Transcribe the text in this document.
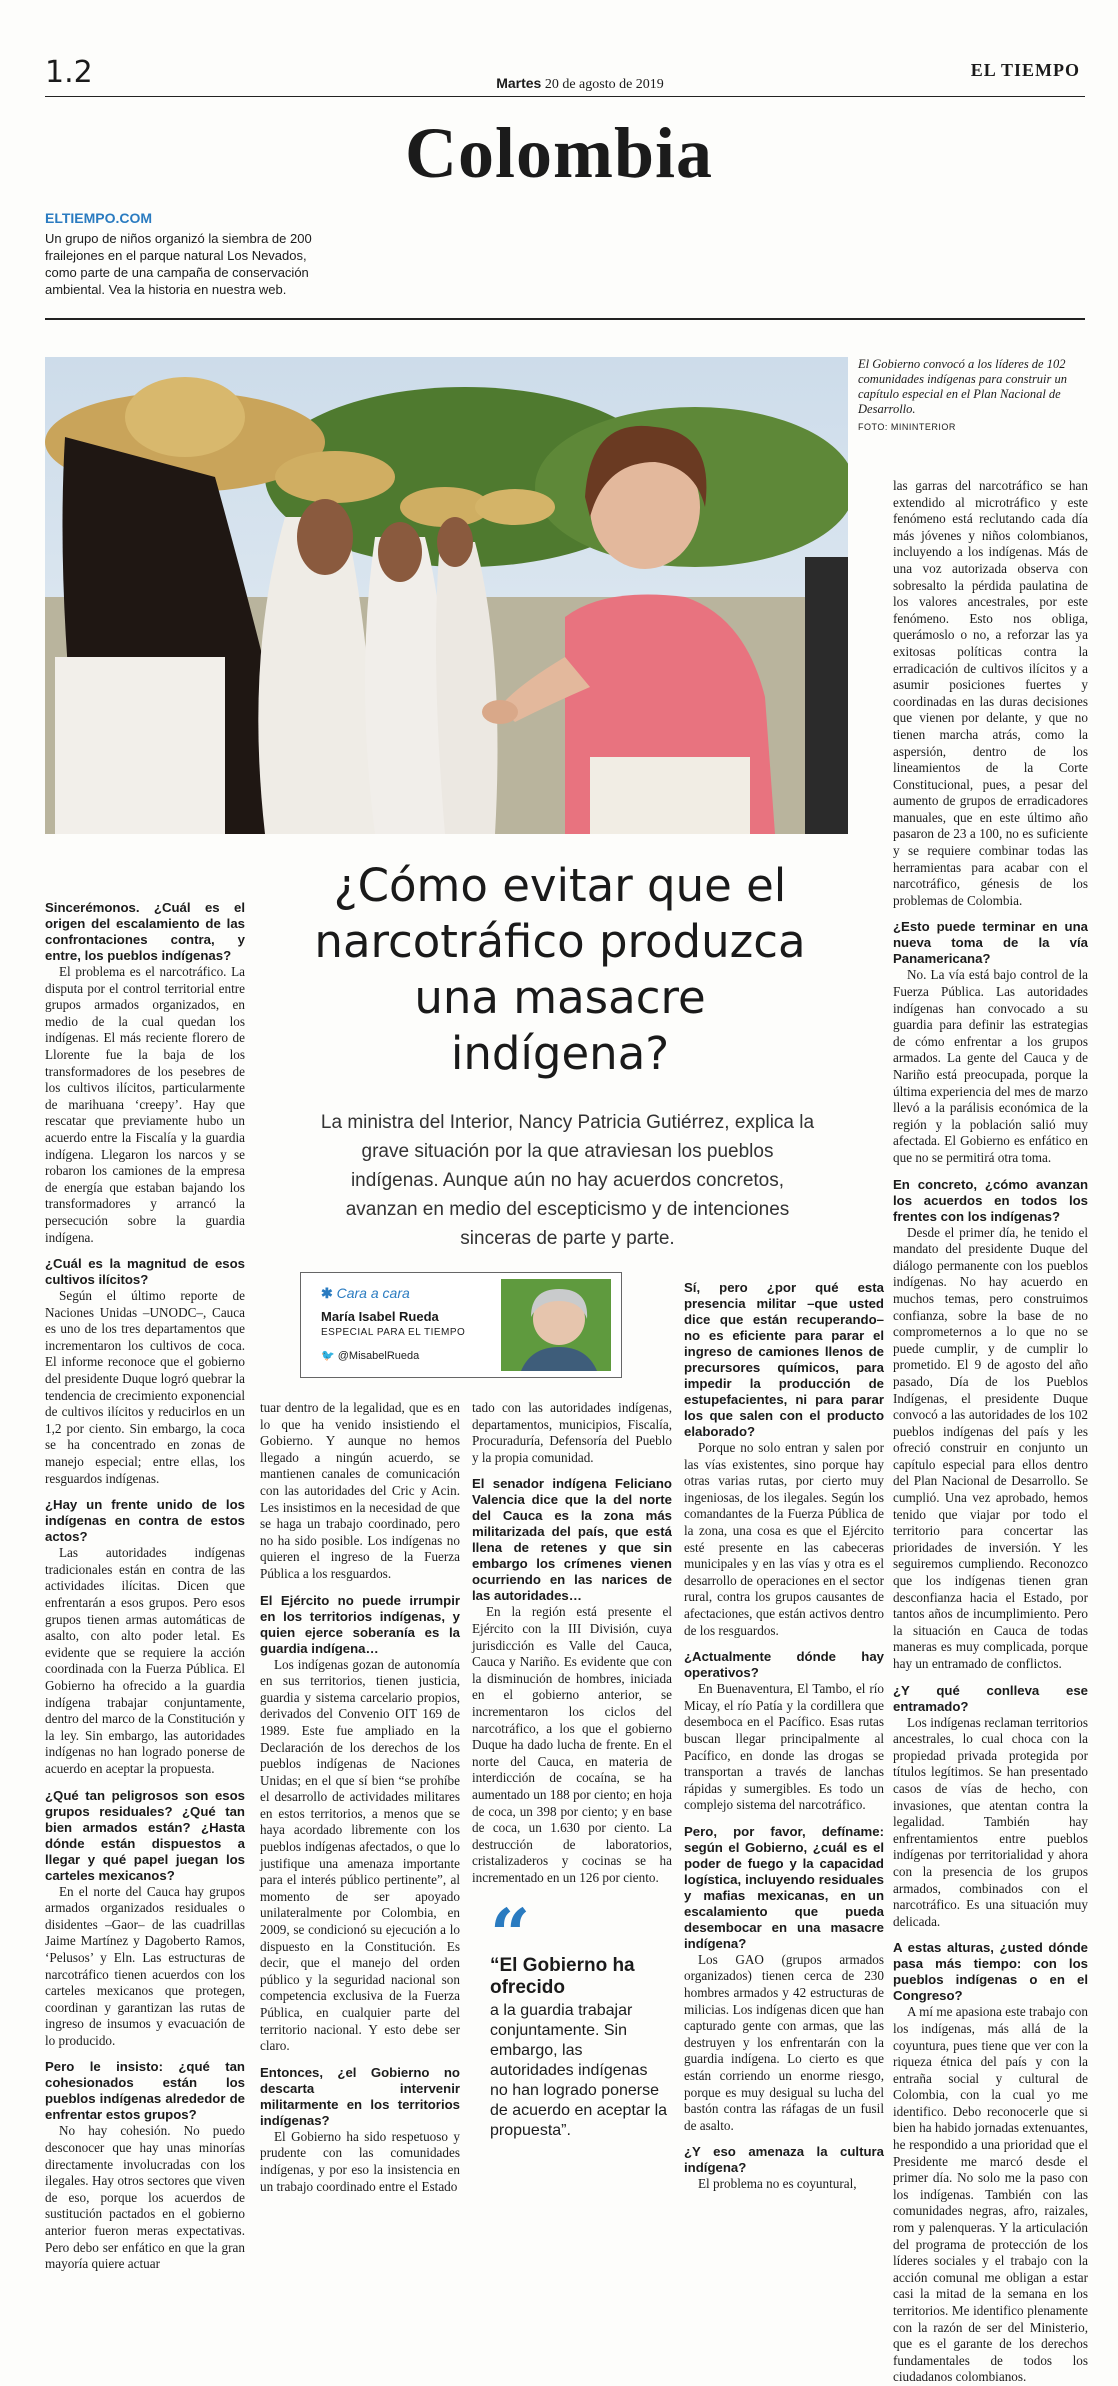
1.2	Martes 20 de agosto de 2019
EL TIEMPO
Colombia
ELTIEMPO.COM
Un grupo de niños organizó la siembra de 200 frailejones en el parque natural Los Nevados, como parte de una campaña de conservación ambiental. Vea la historia en nuestra web.
El Gobierno convocó a los líderes de 102 comunidades indígenas para construir un capítulo especial en el Plan Nacional de Desarrollo.
FOTO: MININTERIOR
¿Cómo evitar que el narcotráfico produzca una masacre indígena?
La ministra del Interior, Nancy Patricia Gutiérrez, explica la grave situación por la que atraviesan los pueblos indígenas. Aunque aún no hay acuerdos concretos, avanzan en medio del escepticismo y de intenciones sinceras de parte y parte.
✱ Cara a cara
María Isabel Rueda
ESPECIAL PARA EL TIEMPO
🐦 @MisabelRueda

Sincerémonos. ¿Cuál es el origen del escalamiento de las confrontaciones contra, y entre, los pueblos indígenas?

El problema es el narcotráfico. La disputa por el control territorial entre grupos armados organizados, en medio de la cual quedan los indígenas. El más reciente florero de Llorente fue la baja de los transformadores de los pesebres de los cultivos ilícitos, particularmente de marihuana ‘creepy’. Hay que rescatar que previamente hubo un acuerdo entre la Fiscalía y la guardia indígena. Llegaron los narcos y se robaron los camiones de la empresa de energía que estaban bajando los transformadores y arrancó la persecución sobre la guardia indígena.

¿Cuál es la magnitud de esos cultivos ilícitos?

Según el último reporte de Naciones Unidas –UNODC–, Cauca es uno de los tres departamentos que incrementaron los cultivos de coca. El informe reconoce que el gobierno del presidente Duque logró quebrar la tendencia de crecimiento exponencial de cultivos ilícitos y reducirlos en un 1,2 por ciento. Sin embargo, la coca se ha concentrado en zonas de manejo especial; entre ellas, los resguardos indígenas.

¿Hay un frente unido de los indígenas en contra de estos actos?

Las autoridades indígenas tradicionales están en contra de las actividades ilícitas. Dicen que enfrentarán a esos grupos. Pero esos grupos tienen armas automáticas de asalto, con alto poder letal. Es evidente que se requiere la acción coordinada con la Fuerza Pública. El Gobierno ha ofrecido a la guardia indígena trabajar conjuntamente, dentro del marco de la Constitución y la ley. Sin embargo, las autoridades indígenas no han logrado ponerse de acuerdo en aceptar la propuesta.

¿Qué tan peligrosos son esos grupos residuales? ¿Qué tan bien armados están? ¿Hasta dónde están dispuestos a llegar y qué papel juegan los carteles mexicanos?

En el norte del Cauca hay grupos armados organizados residuales o disidentes –Gaor– de las cuadrillas Jaime Martínez y Dagoberto Ramos, ‘Pelusos’ y Eln. Las estructuras de narcotráfico tienen acuerdos con los carteles mexicanos que protegen, coordinan y garantizan las rutas de ingreso de insumos y evacuación de lo producido.

Pero le insisto: ¿qué tan cohesionados están los pueblos indígenas alrededor de enfrentar estos grupos?

No hay cohesión. No puedo desconocer que hay unas minorías directamente involucradas con los ilegales. Hay otros sectores que viven de eso, porque los acuerdos de sustitución pactados en el gobierno anterior fueron meras expectativas. Pero debo ser enfático en que la gran mayoría quiere actuar

tuar dentro de la legalidad, que es en lo que ha venido insistiendo el Gobierno. Y aunque no hemos llegado a ningún acuerdo, se mantienen canales de comunicación con las autoridades del Cric y Acin. Les insistimos en la necesidad de que se haga un trabajo coordinado, pero no ha sido posible. Los indígenas no quieren el ingreso de la Fuerza Pública a los resguardos.

El Ejército no puede irrumpir en los territorios indígenas, y quien ejerce soberanía es la guardia indígena…

Los indígenas gozan de autonomía en sus territorios, tienen justicia, guardia y sistema carcelario propios, derivados del Convenio OIT 169 de 1989. Este fue ampliado en la Declaración de los derechos de los pueblos indígenas de Naciones Unidas; en el que sí bien “se prohíbe el desarrollo de actividades militares en estos territorios, a menos que se haya acordado libremente con los pueblos indígenas afectados, o que lo justifique una amenaza importante para el interés público pertinente”, al momento de ser apoyado unilateralmente por Colombia, en 2009, se condicionó su ejecución a lo dispuesto en la Constitución. Es decir, que el manejo del orden público y la seguridad nacional son competencia exclusiva de la Fuerza Pública, en cualquier parte del territorio nacional. Y esto debe ser claro.

Entonces, ¿el Gobierno no descarta intervenir militarmente en los territorios indígenas?

El Gobierno ha sido respetuoso y prudente con las comunidades indígenas, y por eso la insistencia en un trabajo coordinado entre el Estado

tado con las autoridades indígenas, departamentos, municipios, Fiscalía, Procuraduría, Defensoría del Pueblo y la propia comunidad.

El senador indígena Feliciano Valencia dice que la del norte del Cauca es la zona más militarizada del país, que está llena de retenes y que sin embargo los crímenes vienen ocurriendo en las narices de las autoridades…

En la región está presente el Ejército con la III División, cuya jurisdicción es Valle del Cauca, Cauca y Nariño. Es evidente que con la disminución de hombres, iniciada en el gobierno anterior, se incrementaron los ciclos del narcotráfico, a los que el gobierno Duque ha dado lucha de frente. En el norte del Cauca, en materia de interdicción de cocaína, se ha aumentado un 188 por ciento; en hoja de coca, un 398 por ciento; y en base de coca, un 1.630 por ciento. La destrucción de laboratorios, cristalizaderos y cocinas se ha incrementado en un 126 por ciento.

“
“El Gobierno ha ofrecido
a la guardia trabajar conjuntamente. Sin embargo, las autoridades indígenas no han logrado ponerse de acuerdo en aceptar la propuesta”.

Sí, pero ¿por qué esta presencia militar –que usted dice que están recuperando– no es eficiente para parar el ingreso de camiones llenos de precursores químicos, para impedir la producción de estupefacientes, ni para parar los que salen con el producto elaborado?

Porque no solo entran y salen por las vías existentes, sino porque hay otras varias rutas, por cierto muy ingeniosas, de los ilegales. Según los comandantes de la Fuerza Pública de la zona, una cosa es que el Ejército esté presente en las cabeceras municipales y en las vías y otra es el desarrollo de operaciones en el sector rural, contra los grupos causantes de afectaciones, que están activos dentro de los resguardos.

¿Actualmente dónde hay operativos?

En Buenaventura, El Tambo, el río Micay, el río Patía y la cordillera que desemboca en el Pacífico. Esas rutas buscan llegar principalmente al Pacífico, en donde las drogas se transportan a través de lanchas rápidas y sumergibles. Es todo un complejo sistema del narcotráfico.

Pero, por favor, defíname: según el Gobierno, ¿cuál es el poder de fuego y la capacidad logística, incluyendo residuales y mafias mexicanas, en un escalamiento que pueda desembocar en una masacre indígena?

Los GAO (grupos armados organizados) tienen cerca de 230 hombres armados y 42 estructuras de milicias. Los indígenas dicen que han capturado gente con armas, que las destruyen y los enfrentarán con la guardia indígena. Lo cierto es que están corriendo un enorme riesgo, porque es muy desigual su lucha del bastón contra las ráfagas de un fusil de asalto.

¿Y eso amenaza la cultura indígena?

El problema no es coyuntural,

las garras del narcotráfico se han extendido al microtráfico y este fenómeno está reclutando cada día más jóvenes y niños colombianos, incluyendo a los indígenas. Más de una voz autorizada observa con sobresalto la pérdida paulatina de los valores ancestrales, por este fenómeno. Esto nos obliga, querámoslo o no, a reforzar las ya exitosas políticas contra la erradicación de cultivos ilícitos y a asumir posiciones fuertes y coordinadas en las duras decisiones que vienen por delante, y que no tienen marcha atrás, como la aspersión, dentro de los lineamientos de la Corte Constitucional, pues, a pesar del aumento de grupos de erradicadores manuales, que en este último año pasaron de 23 a 100, no es suficiente y se requiere combinar todas las herramientas para acabar con el narcotráfico, génesis de los problemas de Colombia.

¿Esto puede terminar en una nueva toma de la vía Panamericana?

No. La vía está bajo control de la Fuerza Pública. Las autoridades indígenas han convocado a su guardia para definir las estrategias de cómo enfrentar a los grupos armados. La gente del Cauca y de Nariño está preocupada, porque la última experiencia del mes de marzo llevó a la parálisis económica de la región y la población salió muy afectada. El Gobierno es enfático en que no se permitirá otra toma.

En concreto, ¿cómo avanzan los acuerdos en todos los frentes con los indígenas?

Desde el primer día, he tenido el mandato del presidente Duque del diálogo permanente con los pueblos indígenas. No hay acuerdo en muchos temas, pero construimos confianza, sobre la base de no comprometernos a lo que no se puede cumplir, y de cumplir lo prometido. El 9 de agosto del año pasado, Día de los Pueblos Indígenas, el presidente Duque convocó a las autoridades de los 102 pueblos indígenas del país y les ofreció construir en conjunto un capítulo especial para ellos dentro del Plan Nacional de Desarrollo. Se cumplió. Una vez aprobado, hemos tenido que viajar por todo el territorio para concertar las prioridades de inversión. Y les seguiremos cumpliendo. Reconozco que los indígenas tienen gran desconfianza hacia el Estado, por tantos años de incumplimiento. Pero la situación en Cauca de todas maneras es muy complicada, porque hay un entramado de conflictos.

¿Y qué conlleva ese entramado?

Los indígenas reclaman territorios ancestrales, lo cual choca con la propiedad privada protegida por títulos legítimos. Se han presentado casos de vías de hecho, con invasiones, que atentan contra la legalidad. También hay enfrentamientos entre pueblos indígenas por territorialidad y ahora con la presencia de los grupos armados, combinados con el narcotráfico. Es una situación muy delicada.

A estas alturas, ¿usted dónde pasa más tiempo: con los pueblos indígenas o en el Congreso?

A mí me apasiona este trabajo con los indígenas, más allá de la coyuntura, pues tiene que ver con la riqueza étnica del país y con la entraña social y cultural de Colombia, con la cual yo me identifico. Debo reconocerle que si bien ha habido jornadas extenuantes, he respondido a una prioridad que el Presidente me marcó desde el primer día. No solo me la paso con los indígenas. También con las comunidades negras, afro, raizales, rom y palenqueras. Y la articulación del programa de protección de los líderes sociales y el trabajo con la acción comunal me obligan a estar casi la mitad de la semana en los territorios. Me identifico plenamente con la razón de ser del Ministerio, que es el garante de los derechos fundamentales de todos los ciudadanos colombianos.
